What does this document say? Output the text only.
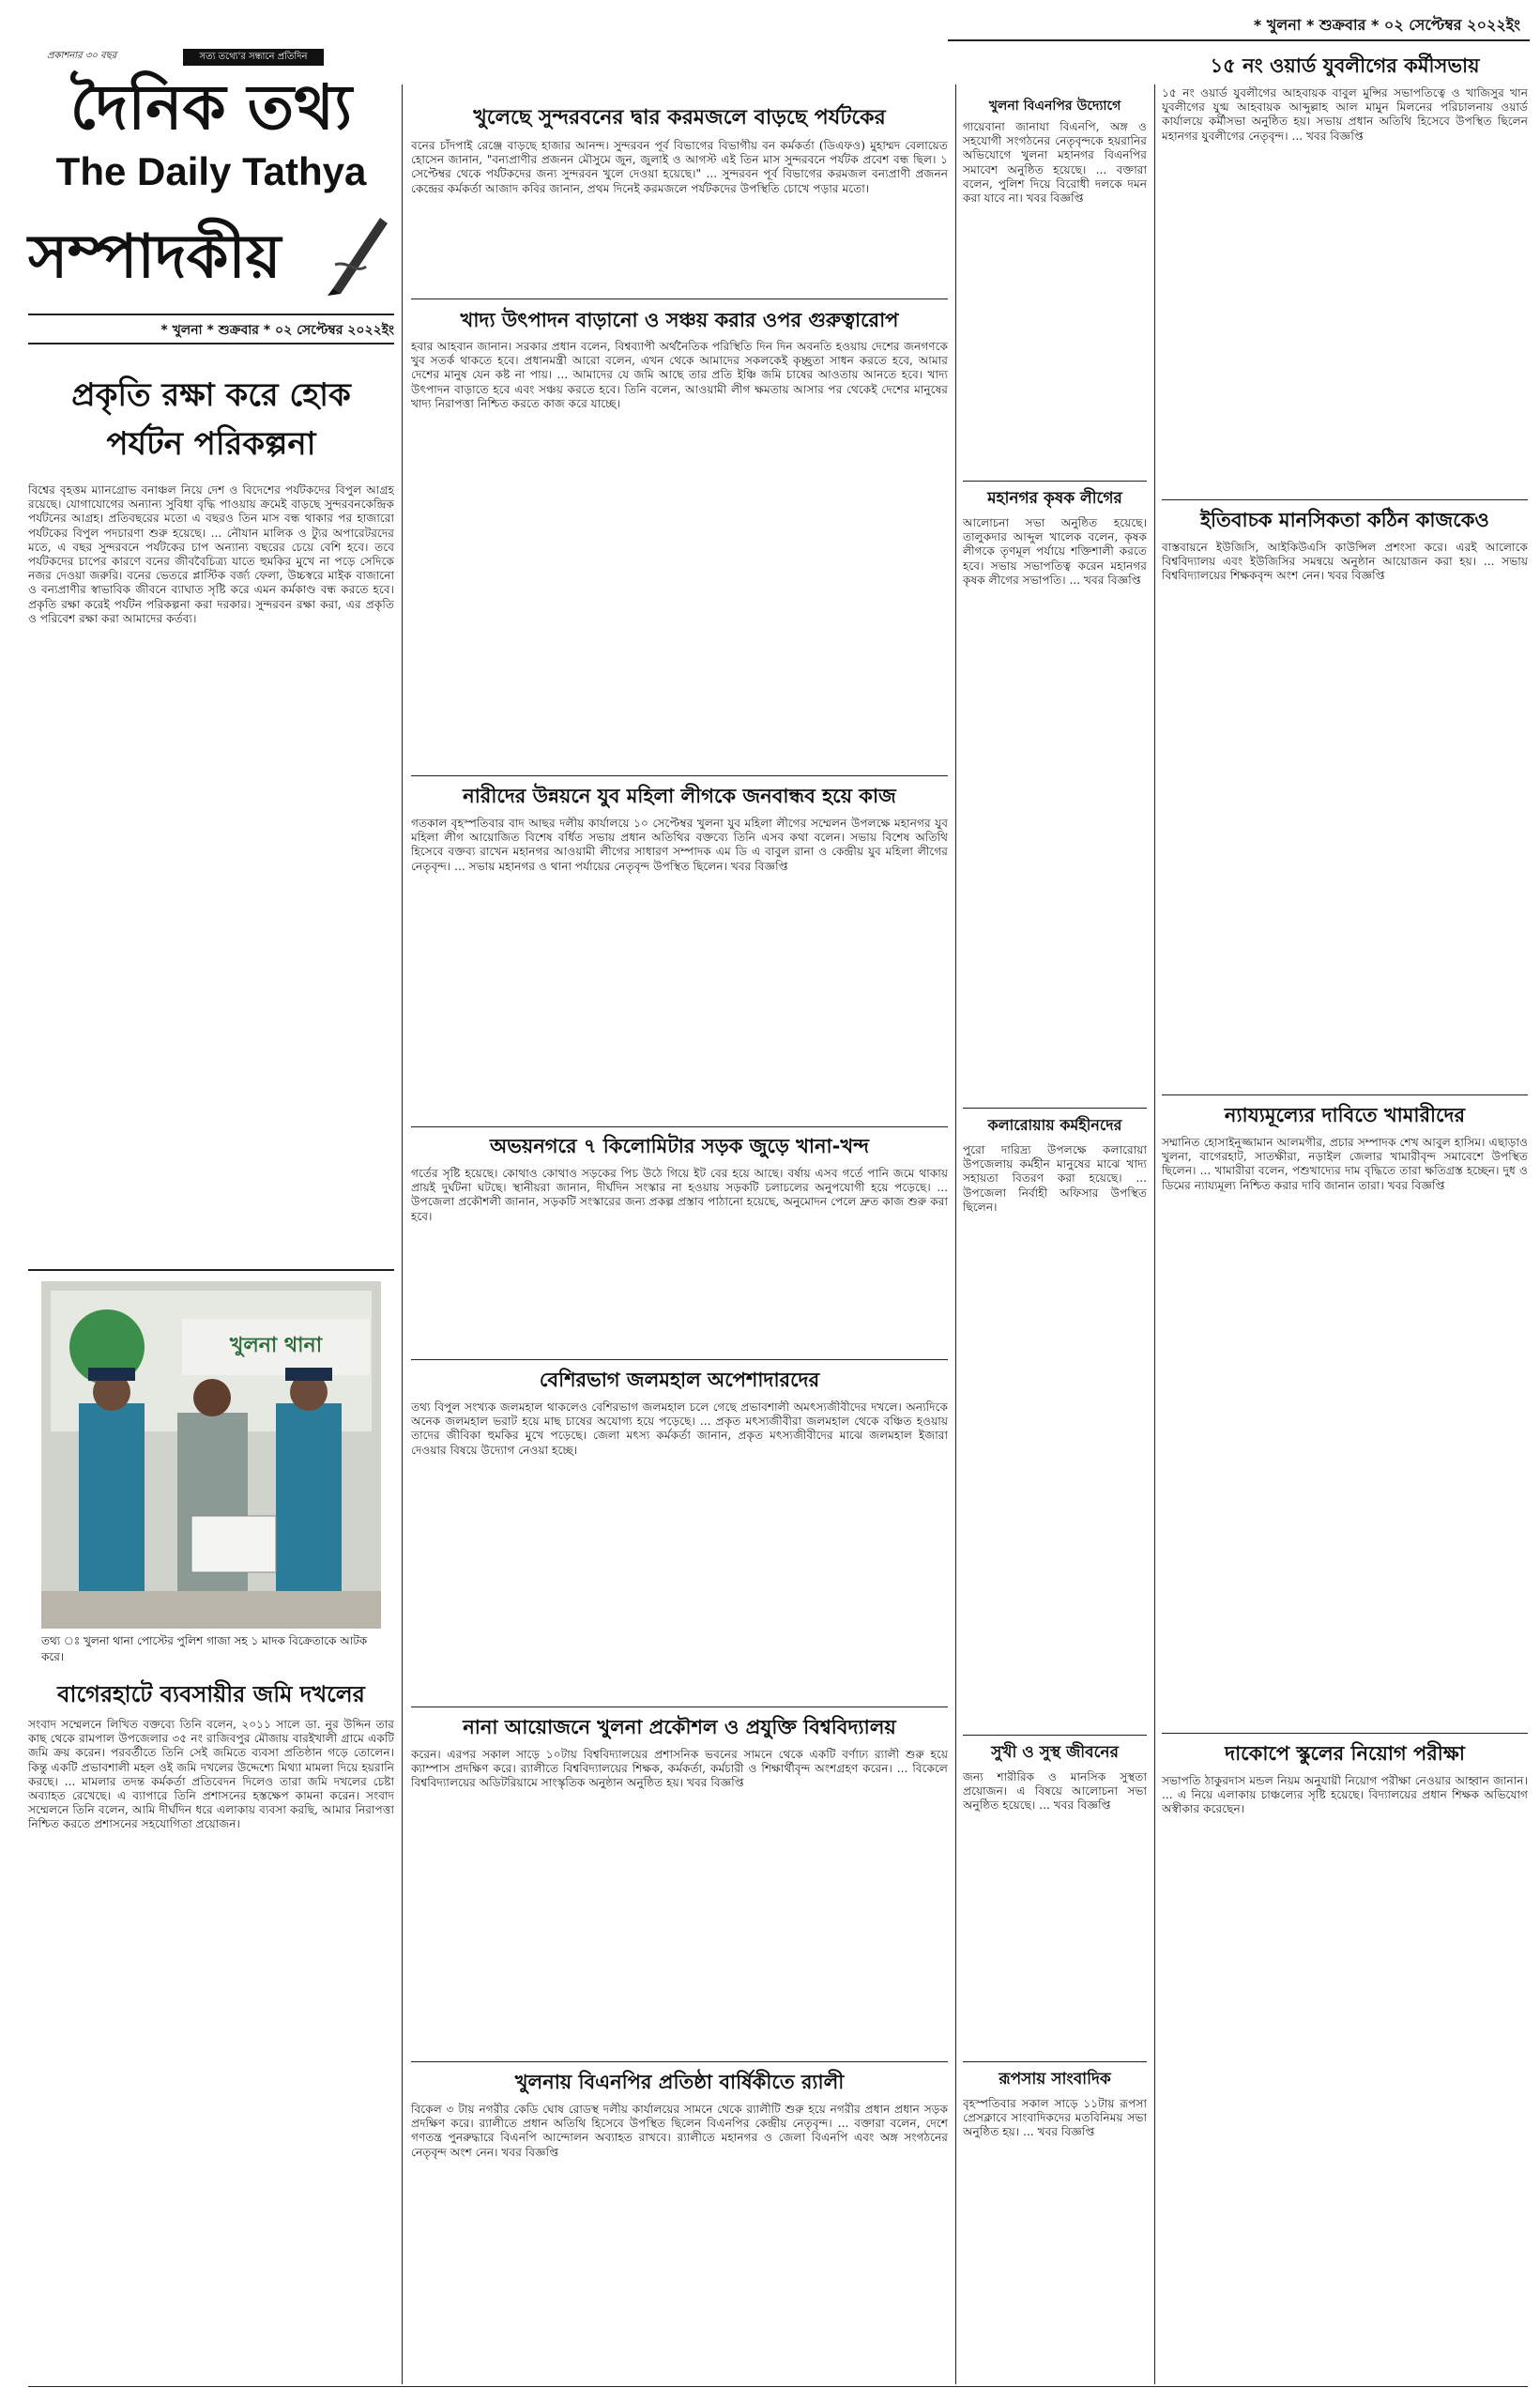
* খুলনা * শুক্রবার * ০২ সেপ্টেম্বর ২০২২ইং
প্রকাশনার ৩০ বছর	সত্য তথ্যে'র সন্ধানে প্রতিদিন
দৈনিক তথ্য
The Daily Tathya
সম্পাদকীয়
* খুলনা * শুক্রবার * ০২ সেপ্টেম্বর ২০২২ইং
প্রকৃতি রক্ষা করে হোক পর্যটন পরিকল্পনা
বিশ্বের বৃহত্তম ম্যানগ্রোভ বনাঞ্চল নিয়ে দেশ ও বিদেশের পর্যটকদের বিপুল আগ্রহ রয়েছে। যোগাযোগের অন্যান্য সুবিধা বৃদ্ধি পাওয়ায় ক্রমেই বাড়ছে সুন্দরবনকেন্দ্রিক পর্যটনের আগ্রহ। প্রতিবছরের মতো এ বছরও তিন মাস বন্ধ থাকার পর হাজারো পর্যটকের বিপুল পদচারণা শুরু হয়েছে। ... নৌযান মালিক ও ট্যুর অপারেটরদের মতে, এ বছর সুন্দরবনে পর্যটকের চাপ অন্যান্য বছরের চেয়ে বেশি হবে। তবে পর্যটকদের চাপের কারণে বনের জীববৈচিত্র্য যাতে হুমকির মুখে না পড়ে সেদিকে নজর দেওয়া জরুরি। বনের ভেতরে প্লাস্টিক বর্জ্য ফেলা, উচ্চস্বরে মাইক বাজানো ও বন্যপ্রাণীর স্বাভাবিক জীবনে ব্যাঘাত সৃষ্টি করে এমন কর্মকাণ্ড বন্ধ করতে হবে। প্রকৃতি রক্ষা করেই পর্যটন পরিকল্পনা করা দরকার। সুন্দরবন রক্ষা করা, এর প্রকৃতি ও পরিবেশ রক্ষা করা আমাদের কর্তব্য।
খুলনা থানা
তথ্য ঃ খুলনা থানা পোস্টের পুলিশ গাজা সহ ১ মাদক বিক্রেতাকে আটক করে।
বাগেরহাটে ব্যবসায়ীর জমি দখলের
সংবাদ সম্মেলনে লিখিত বক্তব্যে তিনি বলেন, ২০১১ সালে ডা. নুর উদ্দিন তার কাছ থেকে রামপাল উপজেলার ৩৫ নং রাজিবপুর মৌজায় বারইখালী গ্রামে একটি জমি ক্রয় করেন। পরবর্তীতে তিনি সেই জমিতে ব্যবসা প্রতিষ্ঠান গড়ে তোলেন। কিন্তু একটি প্রভাবশালী মহল ওই জমি দখলের উদ্দেশ্যে মিথ্যা মামলা দিয়ে হয়রানি করছে। ... মামলার তদন্ত কর্মকর্তা প্রতিবেদন দিলেও তারা জমি দখলের চেষ্টা অব্যাহত রেখেছে। এ ব্যাপারে তিনি প্রশাসনের হস্তক্ষেপ কামনা করেন। সংবাদ সম্মেলনে তিনি বলেন, আমি দীর্ঘদিন ধরে এলাকায় ব্যবসা করছি, আমার নিরাপত্তা নিশ্চিত করতে প্রশাসনের সহযোগিতা প্রয়োজন।
খুলেছে সুন্দরবনের দ্বার করমজলে বাড়ছে পর্যটকের
বনের চাঁদপাই রেঞ্জে বাড়ছে হাজার আনন্দ। সুন্দরবন পূর্ব বিভাগের বিভাগীয় বন কর্মকর্তা (ডিএফও) মুহাম্মদ বেলায়েত হোসেন জানান, "বন্যপ্রাণীর প্রজনন মৌসুমে জুন, জুলাই ও আগস্ট এই তিন মাস সুন্দরবনে পর্যটক প্রবেশ বন্ধ ছিল। ১ সেপ্টেম্বর থেকে পর্যটকদের জন্য সুন্দরবন খুলে দেওয়া হয়েছে।" ... সুন্দরবন পূর্ব বিভাগের করমজল বন্যপ্রাণী প্রজনন কেন্দ্রের কর্মকর্তা আজাদ কবির জানান, প্রথম দিনেই করমজলে পর্যটকদের উপস্থিতি চোখে পড়ার মতো।
খাদ্য উৎপাদন বাড়ানো ও সঞ্চয় করার ওপর গুরুত্বারোপ
হবার আহবান জানান। সরকার প্রধান বলেন, বিশ্বব্যাপী অর্থনৈতিক পরিস্থিতি দিন দিন অবনতি হওয়ায় দেশের জনগণকে খুব সতর্ক থাকতে হবে। প্রধানমন্ত্রী আরো বলেন, এখন থেকে আমাদের সকলকেই কৃচ্ছ্রতা সাধন করতে হবে, আমার দেশের মানুষ যেন কষ্ট না পায়। ... আমাদের যে জমি আছে তার প্রতি ইঞ্চি জমি চাষের আওতায় আনতে হবে। খাদ্য উৎপাদন বাড়াতে হবে এবং সঞ্চয় করতে হবে। তিনি বলেন, আওয়ামী লীগ ক্ষমতায় আসার পর থেকেই দেশের মানুষের খাদ্য নিরাপত্তা নিশ্চিত করতে কাজ করে যাচ্ছে।
নারীদের উন্নয়নে যুব মহিলা লীগকে জনবান্ধব হয়ে কাজ
গতকাল বৃহস্পতিবার বাদ আছর দলীয় কার্যালয়ে ১০ সেপ্টেম্বর খুলনা যুব মহিলা লীগের সম্মেলন উপলক্ষে মহানগর যুব মহিলা লীগ আয়োজিত বিশেষ বর্ধিত সভায় প্রধান অতিথির বক্তব্যে তিনি এসব কথা বলেন। সভায় বিশেষ অতিথি হিসেবে বক্তব্য রাখেন মহানগর আওয়ামী লীগের সাধারণ সম্পাদক এম ডি এ বাবুল রানা ও কেন্দ্রীয় যুব মহিলা লীগের নেতৃবৃন্দ। ... সভায় মহানগর ও থানা পর্যায়ের নেতৃবৃন্দ উপস্থিত ছিলেন। খবর বিজ্ঞপ্তি
অভয়নগরে ৭ কিলোমিটার সড়ক জুড়ে খানা-খন্দ
গর্তের সৃষ্টি হয়েছে। কোথাও কোথাও সড়কের পিচ উঠে গিয়ে ইট বের হয়ে আছে। বর্ষায় এসব গর্তে পানি জমে থাকায় প্রায়ই দুর্ঘটনা ঘটছে। স্থানীয়রা জানান, দীর্ঘদিন সংস্কার না হওয়ায় সড়কটি চলাচলের অনুপযোগী হয়ে পড়েছে। ... উপজেলা প্রকৌশলী জানান, সড়কটি সংস্কারের জন্য প্রকল্প প্রস্তাব পাঠানো হয়েছে, অনুমোদন পেলে দ্রুত কাজ শুরু করা হবে।
বেশিরভাগ জলমহাল অপেশাদারদের
তথ্য বিপুল সংখ্যক জলমহাল থাকলেও বেশিরভাগ জলমহাল চলে গেছে প্রভাবশালী অমৎস্যজীবীদের দখলে। অন্যদিকে অনেক জলমহাল ভরাট হয়ে মাছ চাষের অযোগ্য হয়ে পড়েছে। ... প্রকৃত মৎস্যজীবীরা জলমহাল থেকে বঞ্চিত হওয়ায় তাদের জীবিকা হুমকির মুখে পড়েছে। জেলা মৎস্য কর্মকর্তা জানান, প্রকৃত মৎস্যজীবীদের মাঝে জলমহাল ইজারা দেওয়ার বিষয়ে উদ্যোগ নেওয়া হচ্ছে।
নানা আয়োজনে খুলনা প্রকৌশল ও প্রযুক্তি বিশ্ববিদ্যালয়
করেন। এরপর সকাল সাড়ে ১০টায় বিশ্ববিদ্যালয়ের প্রশাসনিক ভবনের সামনে থেকে একটি বর্ণাঢ্য র‌্যালী শুরু হয়ে ক্যাম্পাস প্রদক্ষিণ করে। র‌্যালীতে বিশ্ববিদ্যালয়ের শিক্ষক, কর্মকর্তা, কর্মচারী ও শিক্ষার্থীবৃন্দ অংশগ্রহণ করেন। ... বিকেলে বিশ্ববিদ্যালয়ের অডিটরিয়ামে সাংস্কৃতিক অনুষ্ঠান অনুষ্ঠিত হয়। খবর বিজ্ঞপ্তি
খুলনায় বিএনপির প্রতিষ্ঠা বার্ষিকীতে র‌্যালী
বিকেল ৩ টায় নগরীর কেডি ঘোষ রোডস্থ দলীয় কার্যালয়ের সামনে থেকে র‌্যালীটি শুরু হয়ে নগরীর প্রধান প্রধান সড়ক প্রদক্ষিণ করে। র‌্যালীতে প্রধান অতিথি হিসেবে উপস্থিত ছিলেন বিএনপির কেন্দ্রীয় নেতৃবৃন্দ। ... বক্তারা বলেন, দেশে গণতন্ত্র পুনরুদ্ধারে বিএনপি আন্দোলন অব্যাহত রাখবে। র‌্যালীতে মহানগর ও জেলা বিএনপি এবং অঙ্গ সংগঠনের নেতৃবৃন্দ অংশ নেন। খবর বিজ্ঞপ্তি
খুলনা বিএনপির উদ্যোগে
গায়েবানা জানাযা বিএনপি, অঙ্গ ও সহযোগী সংগঠনের নেতৃবৃন্দকে হয়রানির অভিযোগে খুলনা মহানগর বিএনপির সমাবেশ অনুষ্ঠিত হয়েছে। ... বক্তারা বলেন, পুলিশ দিয়ে বিরোধী দলকে দমন করা যাবে না। খবর বিজ্ঞপ্তি
মহানগর কৃষক লীগের
আলোচনা সভা অনুষ্ঠিত হয়েছে। তালুকদার আব্দুল খালেক বলেন, কৃষক লীগকে তৃণমূল পর্যায়ে শক্তিশালী করতে হবে। সভায় সভাপতিত্ব করেন মহানগর কৃষক লীগের সভাপতি। ... খবর বিজ্ঞপ্তি
কলারোয়ায় কর্মহীনদের
পুরো দারিদ্র্য উপলক্ষে কলারোয়া উপজেলায় কর্মহীন মানুষের মাঝে খাদ্য সহায়তা বিতরণ করা হয়েছে। ... উপজেলা নির্বাহী অফিসার উপস্থিত ছিলেন।
সুখী ও সুস্থ জীবনের
জন্য শারীরিক ও মানসিক সুস্থতা প্রয়োজন। এ বিষয়ে আলোচনা সভা অনুষ্ঠিত হয়েছে। ... খবর বিজ্ঞপ্তি
রূপসায় সাংবাদিক
বৃহস্পতিবার সকাল সাড়ে ১১টায় রূপসা প্রেসক্লাবে সাংবাদিকদের মতবিনিময় সভা অনুষ্ঠিত হয়। ... খবর বিজ্ঞপ্তি
১৫ নং ওয়ার্ড যুবলীগের কর্মীসভায়
১৫ নং ওয়ার্ড যুবলীগের আহবায়ক বাবুল মুন্সির সভাপতিত্বে ও খাজিসুর খান যুবলীগের যুগ্ম আহবায়ক আব্দুল্লাহ আল মামুন মিলনের পরিচালনায় ওয়ার্ড কার্যালয়ে কর্মীসভা অনুষ্ঠিত হয়। সভায় প্রধান অতিথি হিসেবে উপস্থিত ছিলেন মহানগর যুবলীগের নেতৃবৃন্দ। ... খবর বিজ্ঞপ্তি
ইতিবাচক মানসিকতা কঠিন কাজকেও
বাস্তবায়নে ইউজিসি, আইকিউএসি কাউন্সিল প্রশংসা করে। এরই আলোকে বিশ্ববিদ্যালয় এবং ইউজিসির সমন্বয়ে অনুষ্ঠান আয়োজন করা হয়। ... সভায় বিশ্ববিদ্যালয়ের শিক্ষকবৃন্দ অংশ নেন। খবর বিজ্ঞপ্তি
ন্যায্যমূল্যের দাবিতে খামারীদের
সম্মানিত হোসাইনুজ্জামান আলমগীর, প্রচার সম্পাদক শেখ আবুল হাসিম। এছাড়াও খুলনা, বাগেরহাট, সাতক্ষীরা, নড়াইল জেলার খামারীবৃন্দ সমাবেশে উপস্থিত ছিলেন। ... খামারীরা বলেন, পশুখাদ্যের দাম বৃদ্ধিতে তারা ক্ষতিগ্রস্ত হচ্ছেন। দুধ ও ডিমের ন্যায্যমূল্য নিশ্চিত করার দাবি জানান তারা। খবর বিজ্ঞপ্তি
দাকোপে স্কুলের নিয়োগ পরীক্ষা
সভাপতি ঠাকুরদাস মন্ডল নিয়ম অনুযায়ী নিয়োগ পরীক্ষা নেওয়ার আহ্বান জানান। ... এ নিয়ে এলাকায় চাঞ্চল্যের সৃষ্টি হয়েছে। বিদ্যালয়ের প্রধান শিক্ষক অভিযোগ অস্বীকার করেছেন।
